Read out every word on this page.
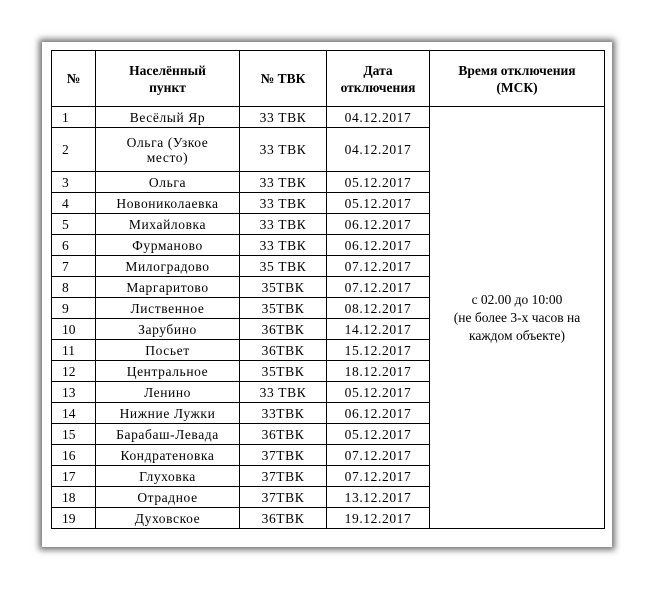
№	Населённый пункт	№ ТВК	Дата отключения	Время отключения (МСК)

1	Весёлый Яр	33 ТВК	04.12.2017	с 02.00 до 10:00
(не более 3-х часов на каждом объекте)

2	Ольга (Узкое место)	33 ТВК	04.12.2017	
3	Ольга	33 ТВК	05.12.2017	
4	Новониколаевка	33 ТВК	05.12.2017	
5	Михайловка	33 ТВК	06.12.2017	
6	Фурманово	33 ТВК	06.12.2017	
7	Милоградово	35 ТВК	07.12.2017	
8	Маргаритово	35ТВК	07.12.2017	
9	Лиственное	35ТВК	08.12.2017	
10	Зарубино	36ТВК	14.12.2017	
11	Посьет	36ТВК	15.12.2017	
12	Центральное	35ТВК	18.12.2017	
13	Ленино	33 ТВК	05.12.2017	
14	Нижние Лужки	33ТВК	06.12.2017	
15	Барабаш-Левада	36ТВК	05.12.2017	
16	Кондратеновка	37ТВК	07.12.2017	
17	Глуховка	37ТВК	07.12.2017	
18	Отрадное	37ТВК	13.12.2017	
19	Духовское	36ТВК	19.12.2017	
